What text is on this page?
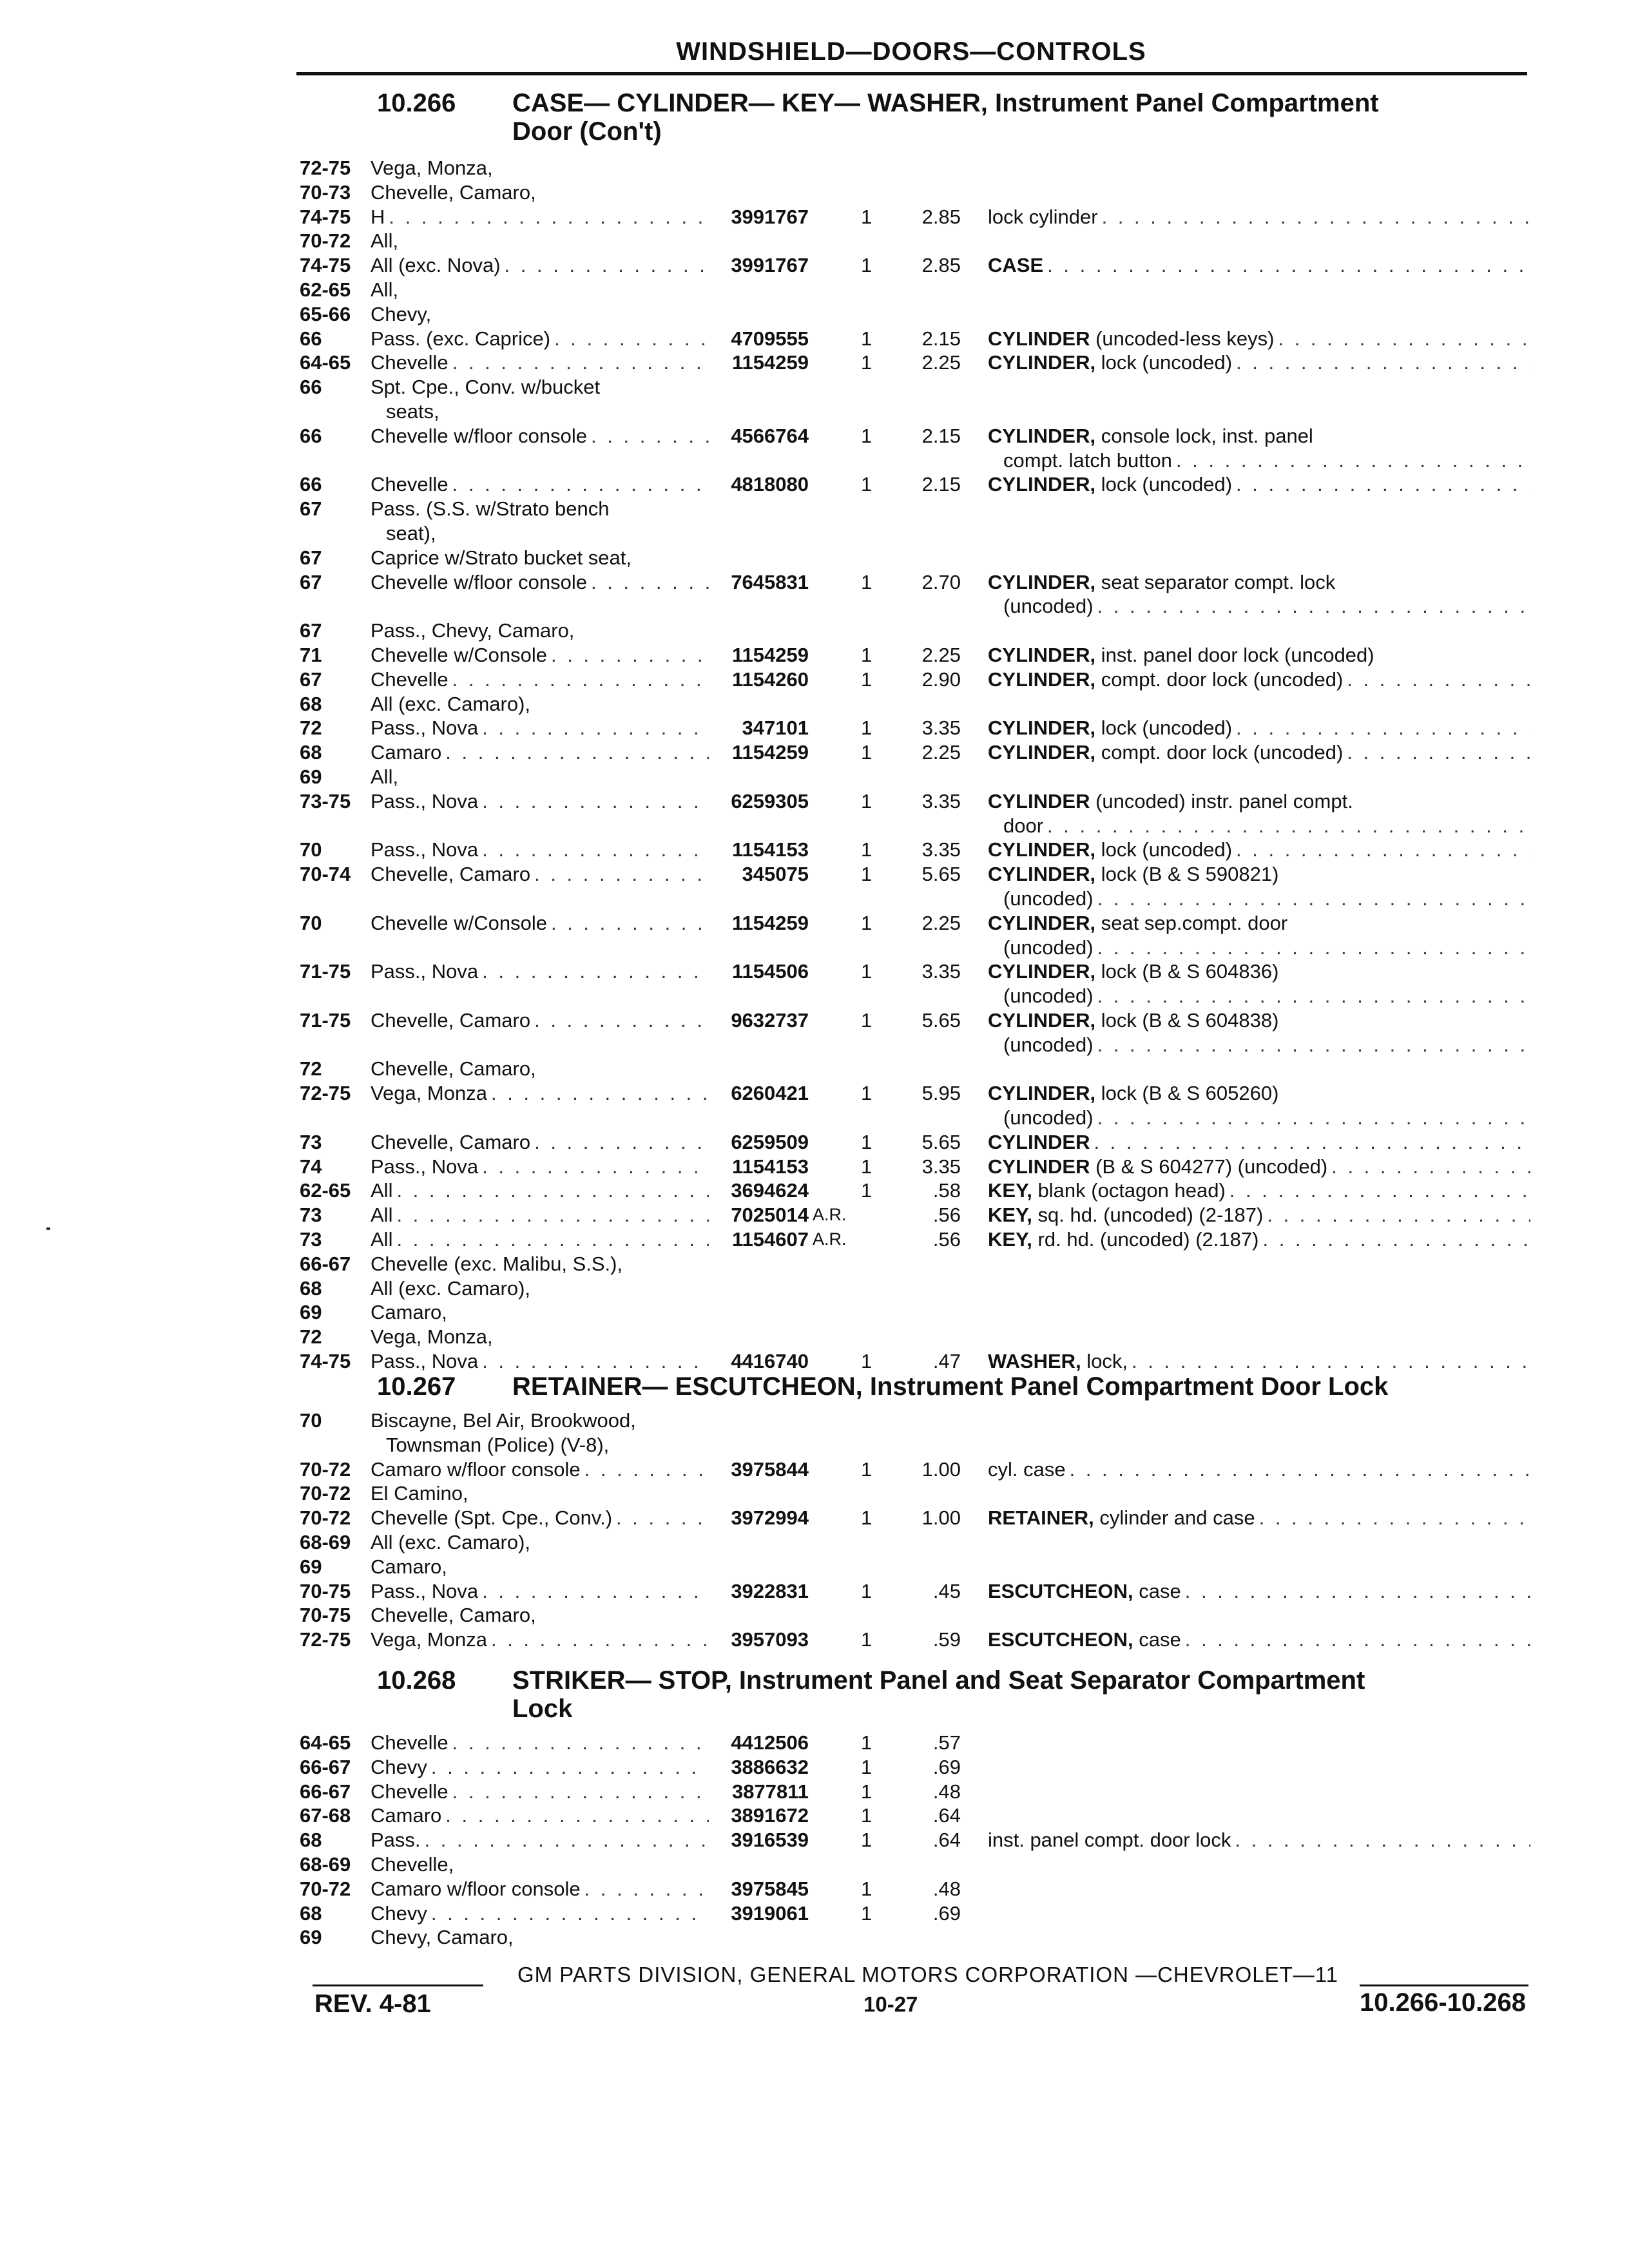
WINDSHIELD—DOORS—CONTROLS
10.266	CASE— CYLINDER— KEY— WASHER, Instrument Panel Compartment
Door (Con't)
72-75 Vega, Monza,
70-73 Chevelle, Camaro,
74-75 H . . .	3991767	1	2.85 lock cylinder
. . .
70-72 All,
74-75 All (exc. Nova) . . .	3991767	1	2.85 CASE
. . .
62-65 All,
65-66 Chevy,
66	Pass. (exc. Caprice) . . .	4709555	1	2.15 CYLINDER (uncoded-less keys)
. . .
64-65 Chevelle . . .	1154259	1	2.25 CYLINDER, lock (uncoded)
. . .
66	Spt. Cpe., Conv. w/bucket
seats,
66	Chevelle w/floor console . . .	4566764	1	2.15 CYLINDER, console lock, inst. panel
compt. latch button
. . .
66	Chevelle . . .	4818080	1	2.15 CYLINDER, lock (uncoded)
. . .
67	Pass. (S.S. w/Strato bench
seat),
67	Caprice w/Strato bucket seat,
67	Chevelle w/floor console . . .	7645831	1	2.70 CYLINDER, seat separator compt. lock
(uncoded)
. . .
67	Pass., Chevy, Camaro,
71	Chevelle w/Console . . .	1154259	1	2.25 CYLINDER, inst. panel door lock (uncoded)
67	Chevelle . . .	1154260	1	2.90 CYLINDER, compt. door lock (uncoded)
. . .
68	All (exc. Camaro),
72	Pass., Nova . . .	347101	1	3.35 CYLINDER, lock (uncoded)
. . .
68	Camaro . . .	1154259	1	2.25 CYLINDER, compt. door lock (uncoded)
. . .
69	All,
73-75 Pass., Nova . . .	6259305	1	3.35 CYLINDER (uncoded) instr. panel compt.
door
. . .
70	Pass., Nova . . .	1154153	1	3.35 CYLINDER, lock (uncoded)
. . .
70-74 Chevelle, Camaro . . .	345075	1	5.65 CYLINDER, lock (B & S 590821)
(uncoded)
. . .
70	Chevelle w/Console . . .	1154259	1	2.25 CYLINDER, seat sep.compt. door
(uncoded)
. . .
71-75 Pass., Nova . . .	1154506	1	3.35 CYLINDER, lock (B & S 604836)
(uncoded)
. . .
71-75 Chevelle, Camaro . . .	9632737	1	5.65 CYLINDER, lock (B & S 604838)
(uncoded)
. . .
72	Chevelle, Camaro,
72-75 Vega, Monza . . .	6260421	1	5.95 CYLINDER, lock (B & S 605260)
(uncoded)
. . .
73	Chevelle, Camaro . . .	6259509	1	5.65 CYLINDER
. . .
74	Pass., Nova . . .	1154153	1	3.35 CYLINDER (B & S 604277) (uncoded)
. . .
62-65 All . . .	3694624	1	.58 KEY, blank (octagon head)
. . .
73	All . . .	7025014 A.R.	.56 KEY, sq. hd. (uncoded) (2-187)
. . .
73	All . . .	1154607 A.R.	.56 KEY, rd. hd. (uncoded) (2.187)
. . .
66-67 Chevelle (exc. Malibu, S.S.),
68	All (exc. Camaro),
69	Camaro,
72	Vega, Monza,
74-75 Pass., Nova . . .	4416740	1	.47 WASHER, lock,
. . .
10.267	RETAINER— ESCUTCHEON, Instrument Panel Compartment Door Lock
70	Biscayne, Bel Air, Brookwood,
Townsman (Police) (V-8),
70-72 Camaro w/floor console . . .	3975844	1	1.00 cyl. case
. . .
70-72 El Camino,
70-72 Chevelle (Spt. Cpe., Conv.) . . .	3972994	1	1.00 RETAINER, cylinder and case
. . .
68-69 All (exc. Camaro),
69	Camaro,
70-75 Pass., Nova . . .	3922831	1	.45 ESCUTCHEON, case
. . .
70-75 Chevelle, Camaro,
72-75 Vega, Monza . . .	3957093	1	.59 ESCUTCHEON, case
. . .
10.268	STRIKER— STOP, Instrument Panel and Seat Separator Compartment
Lock
64-65 Chevelle . . .	4412506	1	.57
66-67 Chevy . . .	3886632	1	.69
66-67 Chevelle . . .	3877811	1	.48
67-68 Camaro . . .	3891672	1	.64
68	Pass. . . .	3916539	1	.64 inst. panel compt. door lock
. . .
68-69 Chevelle,
70-72 Camaro w/floor console . . .	3975845	1	.48
68	Chevy . . .	3919061	1	.69
69	Chevy, Camaro,
GM PARTS DIVISION, GENERAL MOTORS CORPORATION —CHEVROLET—11
REV. 4-81	10-27	10.266-10.268
